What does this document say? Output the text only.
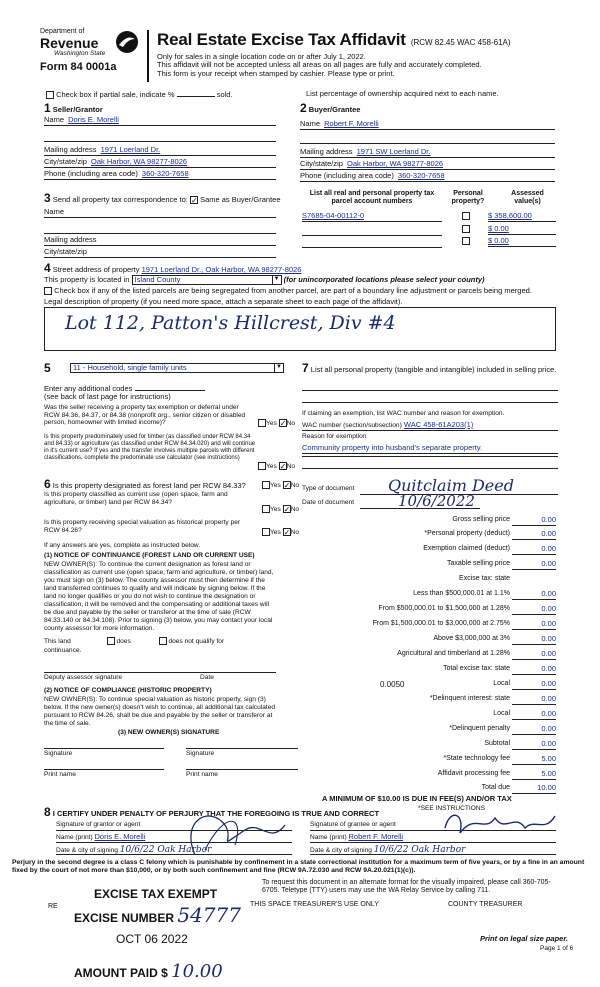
Department of
Revenue
Washington State
Form 84 0001a
Real Estate Excise Tax Affidavit (RCW 82.45 WAC 458-61A)
Only for sales in a single location code on or after July 1, 2022.
This affidavit will not be accepted unless all areas on all pages are fully and accurately completed.
This form is your receipt when stamped by cashier. Please type or print.
Check box if partial sale, indicate %	sold.	List percentage of ownership acquired next to each name.
1 Seller/Grantor
Name Doris E. Morelli
Mailing address 1971 Loerland Dr.
City/state/zip Oak Harbor, WA 98277-8026
Phone (including area code) 360-320-7658
2 Buyer/Grantee
Name Robert F. Morelli
Mailing address 1971 SW Loerland Dr.
City/state/zip Oak Harbor, WA 98277-8026
Phone (including area code) 360-320-7658
3 Send all property tax correspondence to: ✓ Same as Buyer/Grantee
Name
Mailing address
City/state/zip
List all real and personal property tax parcel account numbers
Personal property?
Assessed value(s)
S7685-04-00112-0	$ 358,600.00
$ 0.00
$ 0.00
4 Street address of property 1971 Loerland Dr., Oak Harbor, WA 98277-8026
This property is located in Island County	▼ (for unincorporated locations please select your county)
Check box if any of the listed parcels are being segregated from another parcel, are part of a boundary line adjustment or parcels being merged.
Legal description of property (if you need more space, attach a separate sheet to each page of the affidavit).
Lot 112, Patton's Hillcrest, Div #4
5	11 - Household, single family units	▼
Enter any additional codes
(see back of last page for instructions)
Was the seller receiving a property tax exemption or deferral under RCW 84.36, 84.37, or 84.38 (nonprofit org., senior citizen or disabled person, homeowner with limited income)?	Yes ✓No
Is this property predominately used for timber (as classified under RCW 84.34 and 84.33) or agriculture (as classified under RCW 84.34.020) and will continue in it's current use? If yes and the transfer involves multiple parcels with different classifications, complete the predominate use calculator (see instructions)
Yes ✓No
6 Is this property designated as forest land per RCW 84.33?	Yes ✓No
Is this property classified as current use (open space, farm and agriculture, or timber) land per RCW 84.34?
Yes ✓No
Is this property receiving special valuation as historical property per RCW 84.26?	Yes ✓No
If any answers are yes, complete as instructed below.
(1) NOTICE OF CONTINUANCE (FOREST LAND OR CURRENT USE)
NEW OWNER(S): To continue the current designation as forest land or classification as current use (open space, farm and agriculture, or timber) land, you must sign on (3) below. The county assessor must then determine if the land transferred continues to qualify and will indicate by signing below. If the land no longer qualifies or you do not wish to continue the designation or classification, it will be removed and the compensating or additional taxes will be due and payable by the seller or transferor at the time of sale (RCW 84.33.140 or 84.34.108). Prior to signing (3) below, you may contact your local county assessor for more information.
This land	does	does not qualify for
continuance.
Deputy assessor signature	Date
(2) NOTICE OF COMPLIANCE (HISTORIC PROPERTY)
NEW OWNER(S): To continue special valuation as historic property, sign (3) below. If the new owner(s) doesn't wish to continue, all additional tax calculated pursuant to RCW 84.26, shall be due and payable by the seller or transferor at the time of sale.
(3) NEW OWNER(S) SIGNATURE
Signature	Signature
Print name	Print name
7 List all personal property (tangible and intangible) included in selling price.
If claiming an exemption, list WAC number and reason for exemption.
WAC number (section/subsection) WAC 458-61A203(1)
Reason for exemption
Community property into husband's separate property.
Type of document Quitclaim Deed
Date of document	10/6/2022
Gross selling price	0.00
*Personal property (deduct)	0.00
Exemption claimed (deduct)	0.00
Taxable selling price	0.00
Excise tax: state
Less than $500,000.01 at 1.1%	0.00
From $500,000.01 to $1,500,000 at 1.28%	0.00
From $1,500,000.01 to $3,000,000 at 2.75%	0.00
Above $3,000,000 at 3%	0.00
Agricultural and timberland at 1.28%	0.00
Total excise tax: state	0.00
0.0050	Local	0.00
*Delinquent interest: state	0.00
Local	0.00
*Delinquent penalty	0.00
Subtotal	0.00
*State technology fee	5.00
Affidavit processing fee	5.00
Total due	10.00
A MINIMUM OF $10.00 IS DUE IN FEE(S) AND/OR TAX
*SEE INSTRUCTIONS
8 I CERTIFY UNDER PENALTY OF PERJURY THAT THE FOREGOING IS TRUE AND CORRECT
Signature of grantor or agent
Name (print) Doris E. Morelli
Date & city of signing 10/6/22 Oak Harbor
Signature of grantee or agent
Name (print) Robert F. Morelli
Date & city of signing 10/6/22 Oak Harbor
Perjury in the second degree is a class C felony which is punishable by confinement in a state correctional institution for a maximum term of five years, or by a fine in an amount fixed by the court of not more than $10,000, or by both such confinement and fine (RCW 9A.72.030 and RCW 9A.20.021(1)(c)).
To request this document in an alternate format for the visually impaired, please call 360-705-6705. Teletype (TTY) users may use the WA Relay Service by calling 711.
THIS SPACE TREASURER'S USE ONLY	COUNTY TREASURER
RE
EXCISE TAX EXEMPT
EXCISE NUMBER 54777
OCT 06 2022
AMOUNT PAID $ 10.00
Print on legal size paper.
Page 1 of 6
